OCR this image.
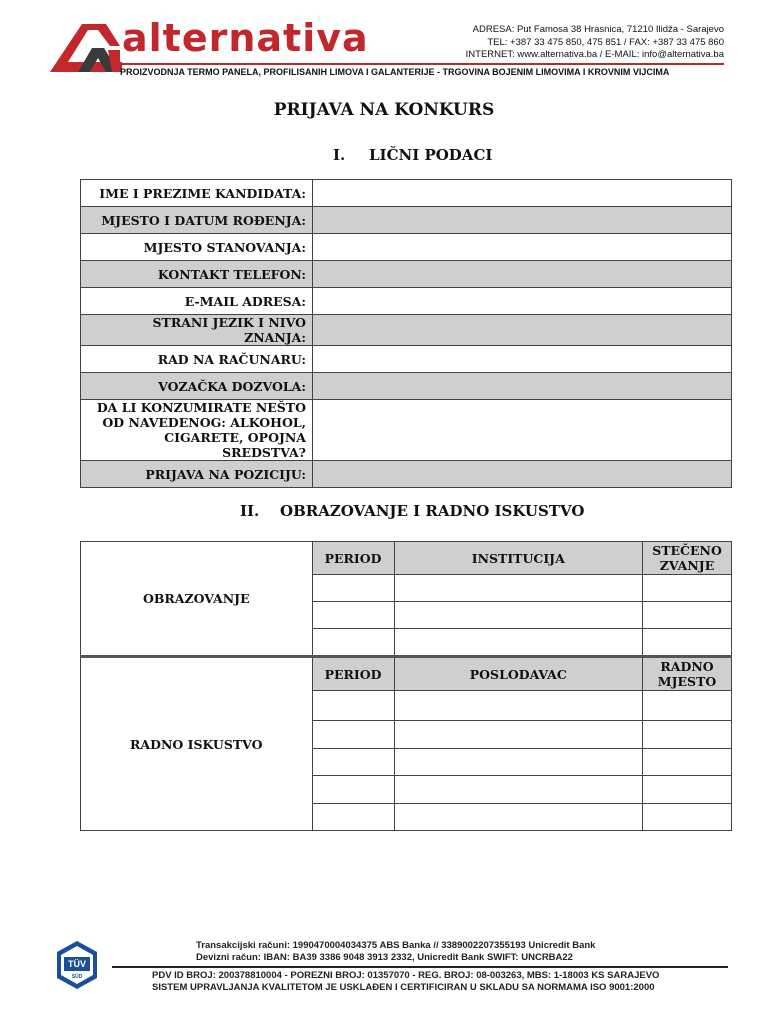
alternativa	ADRESA: Put Famosa 38 Hrasnica, 71210 Ilidža - Sarajevo
TEL: +387 33 475 850, 475 851 / FAX: +387 33 475 860
INTERNET: www.alternativa.ba / E-MAIL: info@alternativa.ba
PROIZVODNJA TERMO PANELA, PROFILISANIH LIMOVA I GALANTERIJE - TRGOVINA BOJENIM LIMOVIMA I KROVNIM VIJCIMA
PRIJAVA NA KONKURS
I. LIČNI PODACI
IME I PREZIME KANDIDATA:	
MJESTO I DATUM ROĐENJA:	
MJESTO STANOVANJA:	
KONTAKT TELEFON:	
E-MAIL ADRESA:	
STRANI JEZIK I NIVO ZNANJA:	
RAD NA RAČUNARU:	
VOZAČKA DOZVOLA:	
DA LI KONZUMIRATE NEŠTO OD NAVEDENOG: ALKOHOL, CIGARETE, OPOJNA SREDSTVA?	
PRIJAVA NA POZICIJU:	
II. OBRAZOVANJE I RADNO ISKUSTVO
OBRAZOVANJE	PERIOD	INSTITUCIJA	STEČENO ZVANJE

RADNO ISKUSTVO	PERIOD	POSLODAVAC	RADNO MJESTO

TÜV
SÜD
Transakcijski računi: 1990470004034375 ABS Banka // 3389002207355193 Unicredit Bank
Devizni račun: IBAN: BA39 3386 9048 3913 2332, Unicredit Bank SWIFT: UNCRBA22
PDV ID BROJ: 200378810004 - POREZNI BROJ: 01357070 - REG. BROJ: 08-003263, MBS: 1-18003 KS SARAJEVO
SISTEM UPRAVLJANJA KVALITETOM JE USKLAĐEN I CERTIFICIRAN U SKLADU SA NORMAMA ISO 9001:2000
